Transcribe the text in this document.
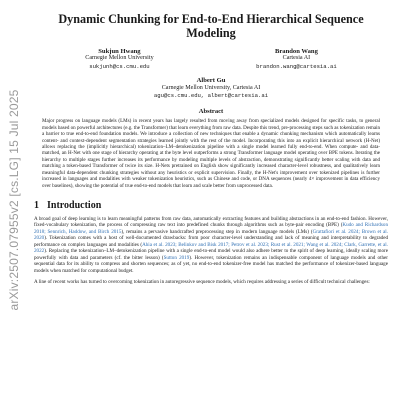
arXiv:2507.07955v2 [cs.LG] 15 Jul 2025
Dynamic Chunking for End-to-End Hierarchical Sequence Modeling
Sukjun Hwang
Carnegie Mellon University
sukjunh@cs.cmu.edu
Brandon Wang
Cartesia AI
brandon.wang@cartesia.ai
Albert Gu
Carnegie Mellon University, Cartesia AI
agu@cs.cmu.edu, albert@cartesia.ai
Abstract
Major progress on language models (LMs) in recent years has largely resulted from moving away from specialized models designed for specific tasks, to general models based on powerful architectures (e.g. the Transformer) that learn everything from raw data. Despite this trend, pre-processing steps such as tokenization remain a barrier to true end-to-end foundation models. We introduce a collection of new techniques that enable a dynamic chunking mechanism which automatically learns content- and context-dependent segmentation strategies learned jointly with the rest of the model. Incorporating this into an explicit hierarchical network (H-Net) allows replacing the (implicitly hierarchical) tokenization–LM–detokenization pipeline with a single model learned fully end-to-end. When compute- and data-matched, an H-Net with one stage of hierarchy operating at the byte level outperforms a strong Transformer language model operating over BPE tokens. Iterating the hierarchy to multiple stages further increases its performance by modeling multiple levels of abstraction, demonstrating significantly better scaling with data and matching a token-based Transformer of twice its size. H-Nets pretrained on English show significantly increased character-level robustness, and qualitatively learn meaningful data-dependent chunking strategies without any heuristics or explicit supervision. Finally, the H-Net's improvement over tokenized pipelines is further increased in languages and modalities with weaker tokenization heuristics, such as Chinese and code, or DNA sequences (nearly 4× improvement in data efficiency over baselines), showing the potential of true end-to-end models that learn and scale better from unprocessed data.
1 Introduction
A broad goal of deep learning is to learn meaningful patterns from raw data, automatically extracting features and building abstractions in an end-to-end fashion. However, fixed-vocabulary tokenization, the process of compressing raw text into predefined chunks through algorithms such as byte-pair encoding (BPE) (Kudo and Richardson 2018; Sennrich, Haddow, and Birch 2015), remains a pervasive handcrafted preprocessing step in modern language models (LMs) (Grattafiori et al. 2024; Brown et al. 2020). Tokenization comes with a host of well-documented drawbacks: from poor character-level understanding and lack of meaning and interpretability to degraded performance on complex languages and modalities (Ahia et al. 2023; Belinkov and Bisk 2017; Petrov et al. 2023; Rust et al. 2021; Wang et al. 2024; Clark, Garrette, et al. 2022). Replacing the tokenization–LM–detokenization pipeline with a single end-to-end model would also adhere better to the spirit of deep learning, ideally scaling more powerfully with data and parameters (cf. the bitter lesson) (Sutton 2019). However, tokenization remains an indispensable component of language models and other sequential data for its ability to compress and shorten sequences; as of yet, no end-to-end tokenizer-free model has matched the performance of tokenizer-based language models when matched for computational budget.
A line of recent works has turned to overcoming tokenization in autoregressive sequence models, which requires addressing a series of difficult technical challenges:
